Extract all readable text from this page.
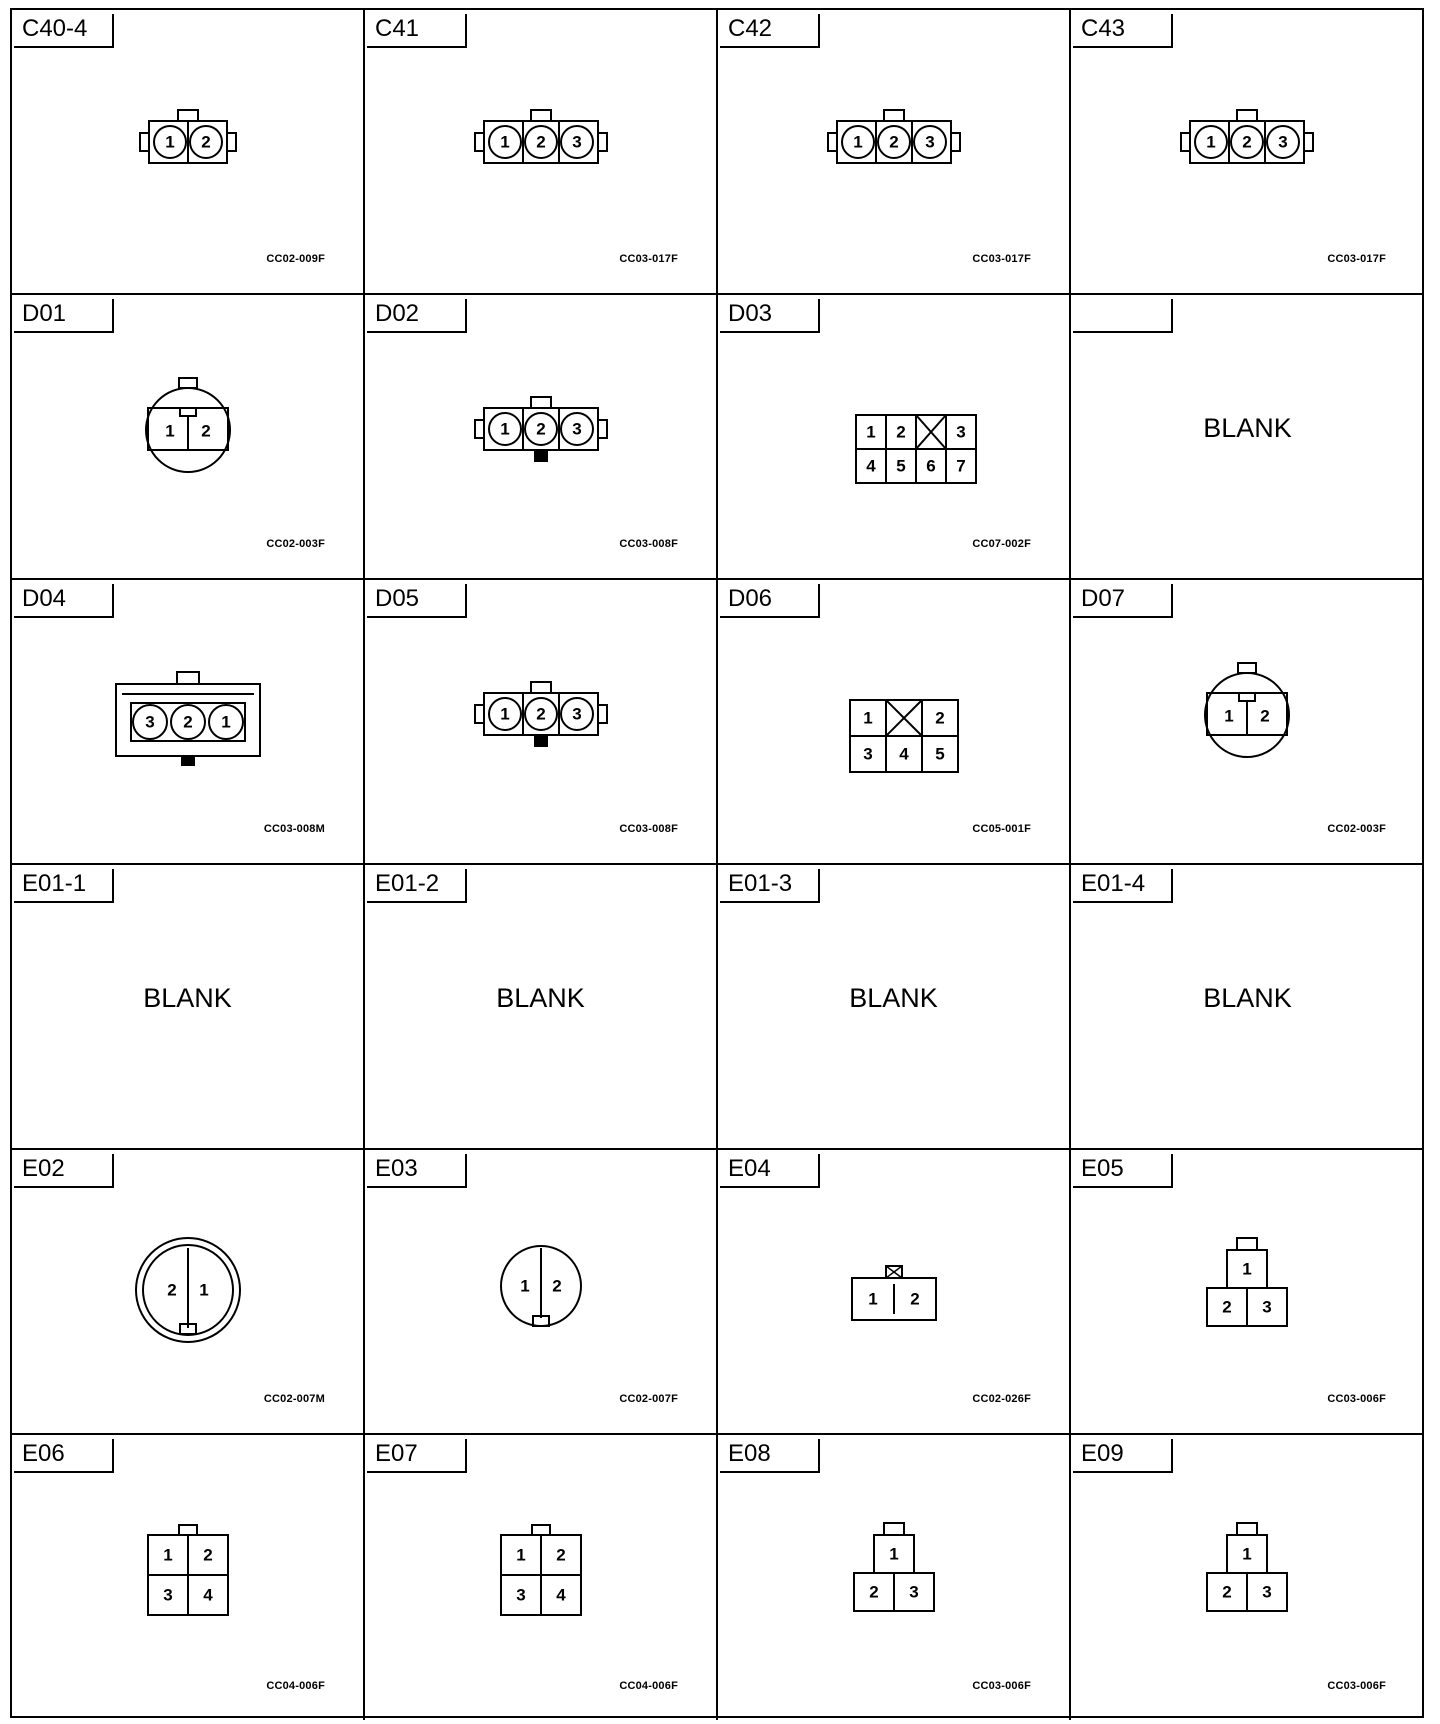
C40-4
1 2
CC02-009F
C41
1 2 3
CC03-017F
C42
1 2 3
CC03-017F
C43
1 2 3
CC03-017F
D01
1 2
CC02-003F
D02
1 2 3
CC03-008F
D03
1 2	3
4 5 6 7
CC07-002F
BLANK
D04
3 2 1
CC03-008M
D05
1 2 3
CC03-008F
D06
1	2
3 4 5
CC05-001F
D07
1 2
CC02-003F
E01-1
BLANK
E01-2
BLANK
E01-3
BLANK
E01-4
BLANK
E02
2 1
CC02-007M
E03
1 2
CC02-007F
E04
1 2
CC02-026F
E05
1
2 3
CC03-006F
E06
1 2
3 4
CC04-006F
E07
1 2
3 4
CC04-006F
E08
1
2 3
CC03-006F
E09
1
2 3
CC03-006F
